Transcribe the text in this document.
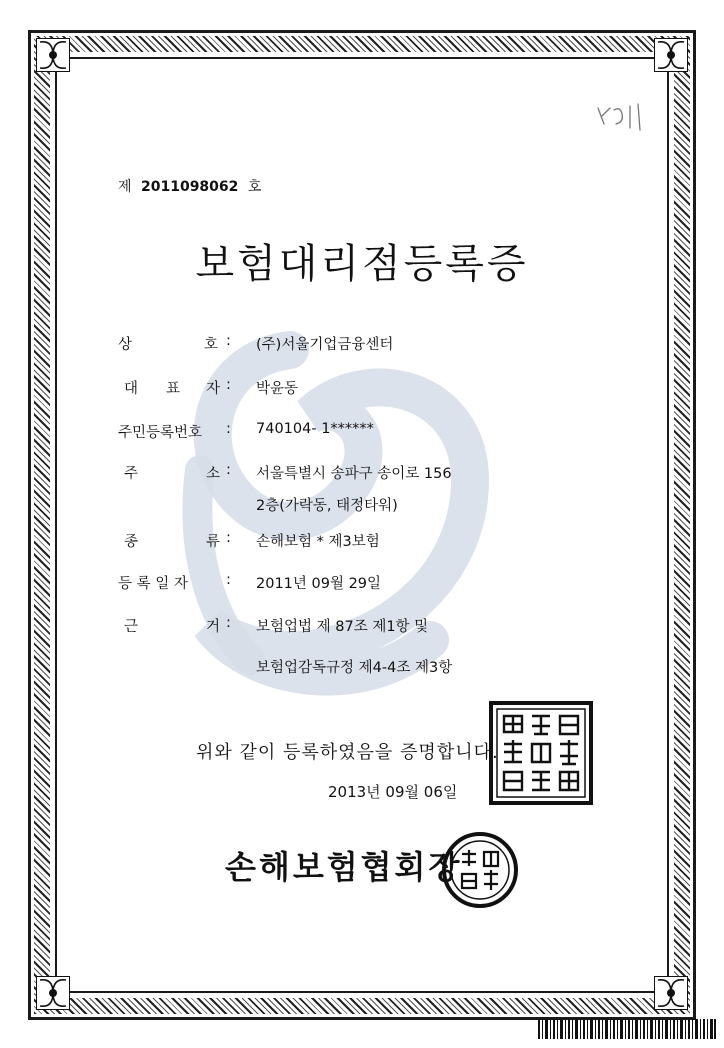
제 2011098062 호
보험대리점등록증
상	호 :	(주)서울기업금융센터
대 표 자 : 박윤동
주민등록번호 : 740104- 1******
주	소 : 서울특별시 송파구 송이로 156
2층(가락동, 태정타워)
종	류 : 손해보험 * 제3보험
등 록 일 자	: 2011년 09월 29일
근	거 : 보험업법 제 87조 제1항 및
보험업감독규정 제4-4조 제3항
위와 같이 등록하였음을 증명합니다.
2013년 09월 06일
손해보험협회장
